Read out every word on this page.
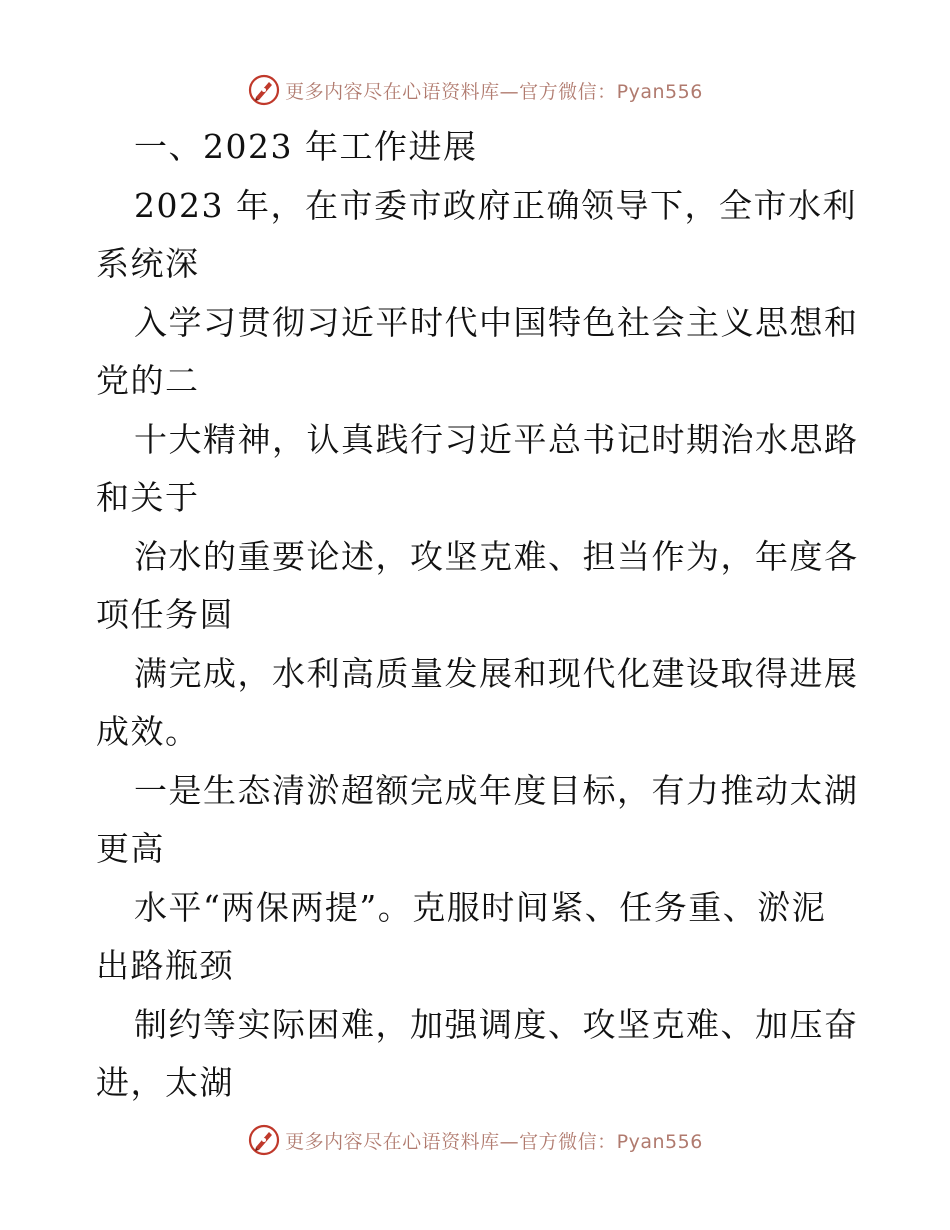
更多内容尽在心语资料库—官方微信：Pyan556
一、2023 年工作进展
2023 年，在市委市政府正确领导下，全市水利
系统深
入学习贯彻习近平时代中国特色社会主义思想和
党的二
十大精神，认真践行习近平总书记时期治水思路
和关于
治水的重要论述，攻坚克难、担当作为，年度各
项任务圆
满完成，水利高质量发展和现代化建设取得进展
成效。
一是生态清淤超额完成年度目标，有力推动太湖
更高
水平“两保两提”。克服时间紧、任务重、淤泥
出路瓶颈
制约等实际困难，加强调度、攻坚克难、加压奋
进，太湖
更多内容尽在心语资料库—官方微信：Pyan556
